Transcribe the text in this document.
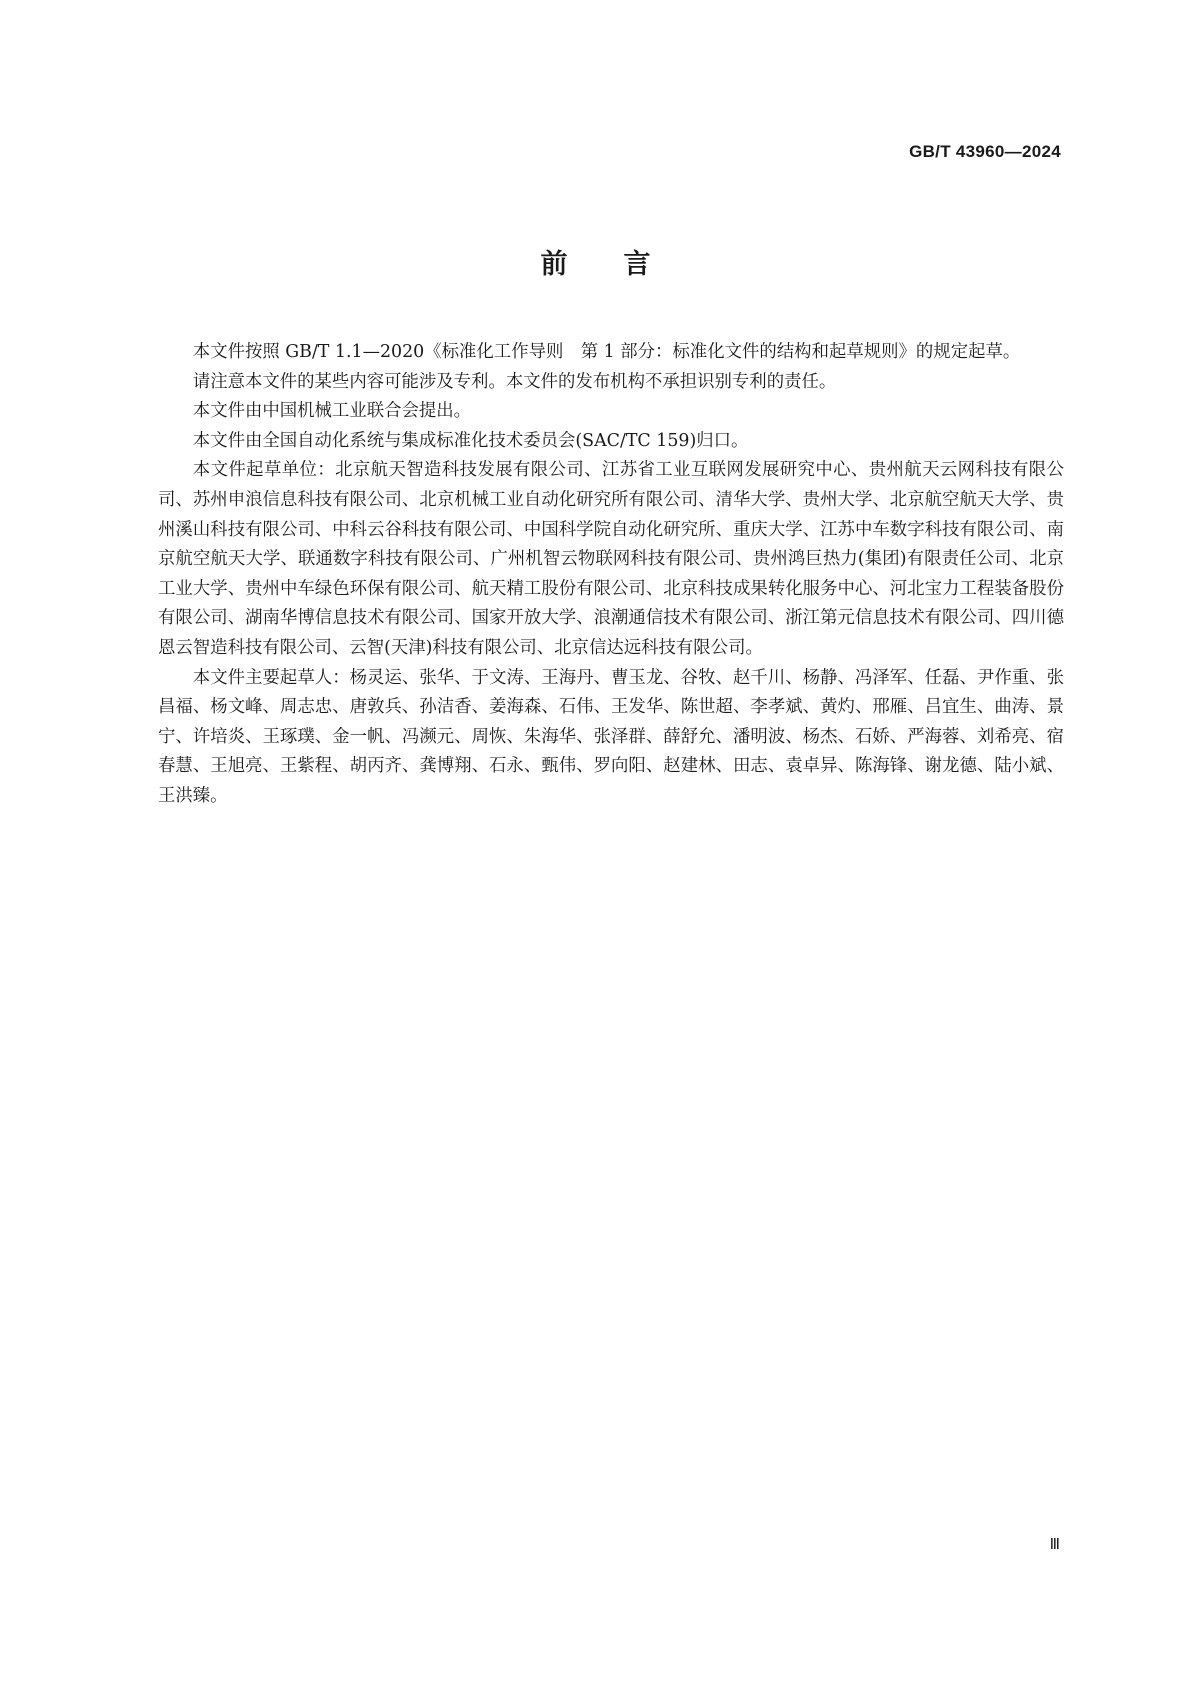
GB/T 43960—2024
前言

本文件按照 GB/T 1.1—2020《标准化工作导则　第 1 部分：标准化文件的结构和起草规则》的规定起草。

请注意本文件的某些内容可能涉及专利。本文件的发布机构不承担识别专利的责任。

本文件由中国机械工业联合会提出。

本文件由全国自动化系统与集成标准化技术委员会(SAC/TC 159)归口。

本文件起草单位：北京航天智造科技发展有限公司、江苏省工业互联网发展研究中心、贵州航天云网科技有限公司、苏州申浪信息科技有限公司、北京机械工业自动化研究所有限公司、清华大学、贵州大学、北京航空航天大学、贵州溪山科技有限公司、中科云谷科技有限公司、中国科学院自动化研究所、重庆大学、江苏中车数字科技有限公司、南京航空航天大学、联通数字科技有限公司、广州机智云物联网科技有限公司、贵州鸿巨热力(集团)有限责任公司、北京工业大学、贵州中车绿色环保有限公司、航天精工股份有限公司、北京科技成果转化服务中心、河北宝力工程装备股份有限公司、湖南华博信息技术有限公司、国家开放大学、浪潮通信技术有限公司、浙江第元信息技术有限公司、四川德恩云智造科技有限公司、云智(天津)科技有限公司、北京信达远科技有限公司。

本文件主要起草人：杨灵运、张华、于文涛、王海丹、曹玉龙、谷牧、赵千川、杨静、冯泽军、任磊、尹作重、张昌福、杨文峰、周志忠、唐敦兵、孙洁香、姜海森、石伟、王发华、陈世超、李孝斌、黄灼、邢雁、吕宜生、曲涛、景宁、许培炎、王琢璞、金一帆、冯濒元、周恢、朱海华、张泽群、薛舒允、潘明波、杨杰、石娇、严海蓉、刘希亮、宿春慧、王旭亮、王紫程、胡丙齐、龚博翔、石永、甄伟、罗向阳、赵建林、田志、袁卓异、陈海锋、谢龙德、陆小斌、王洪臻。

Ⅲ
